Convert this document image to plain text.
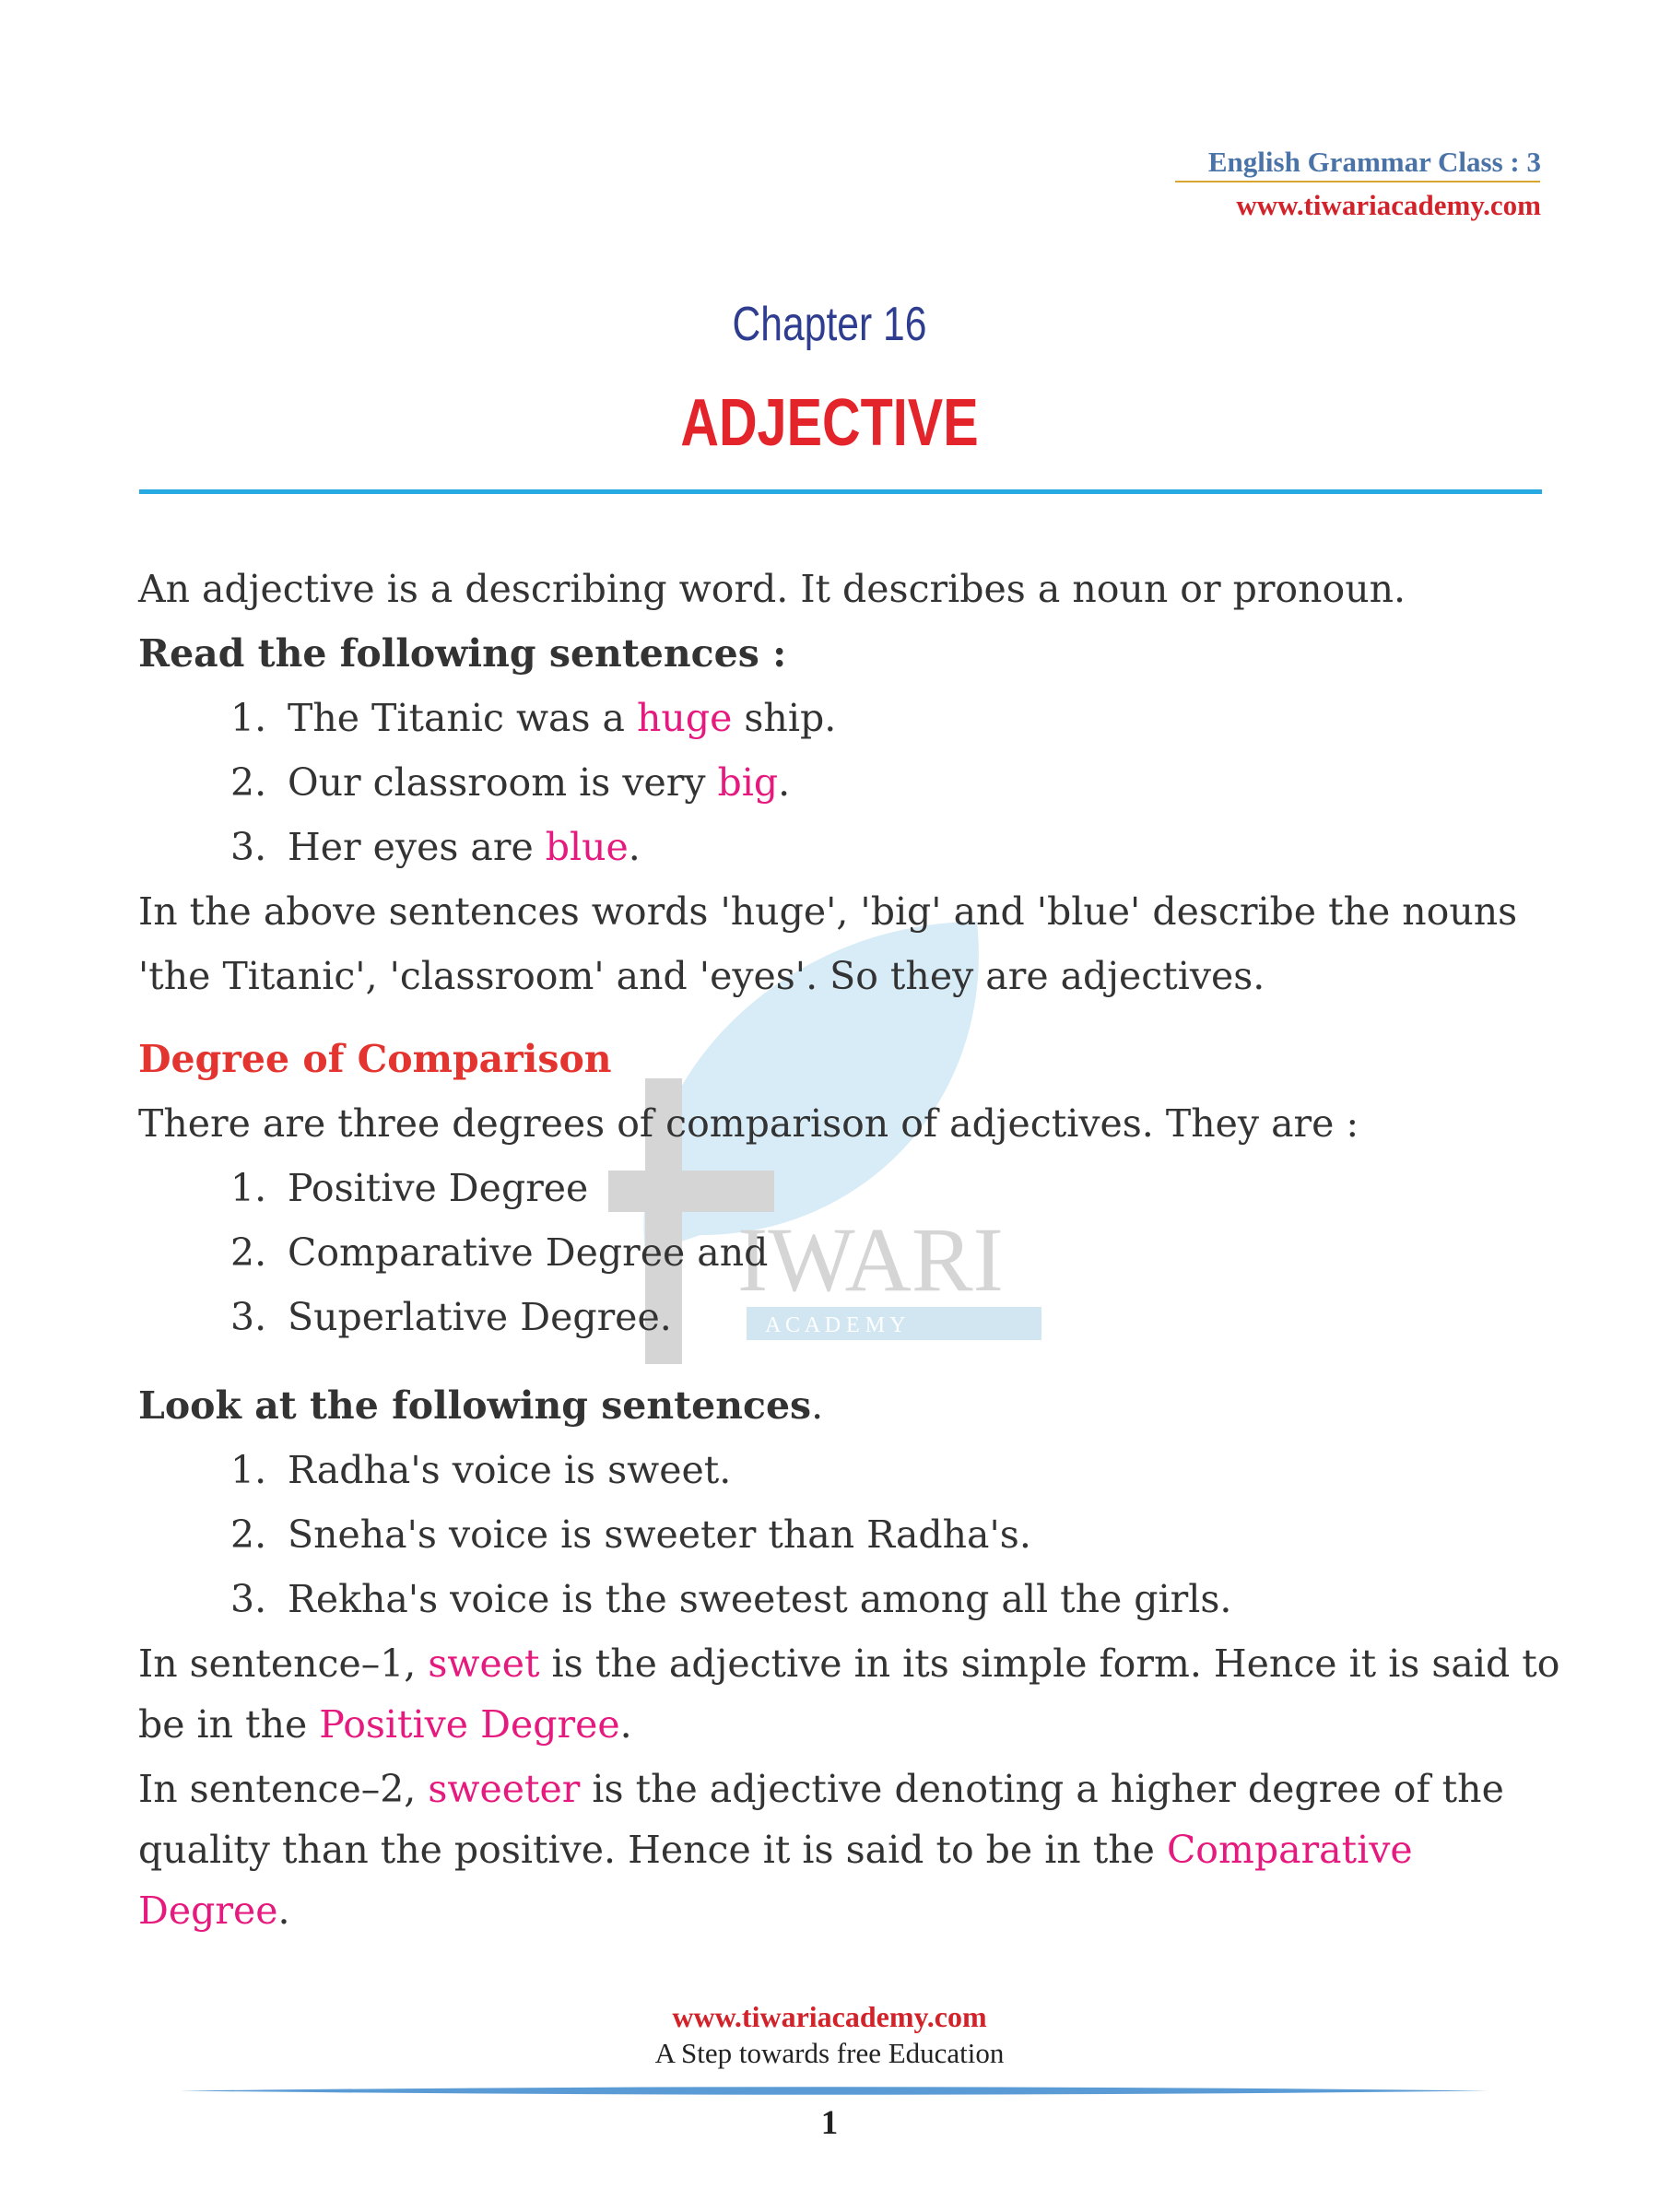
English Grammar Class : 3
www.tiwariacademy.com
Chapter 16
ADJECTIVE
IWARI
A C A D E M Y
An adjective is a describing word. It describes a noun or pronoun.
Read the following sentences :
1. The Titanic was a huge ship.
2. Our classroom is very big.
3. Her eyes are blue.
In the above sentences words 'huge', 'big' and 'blue' describe the nouns
'the Titanic', 'classroom' and 'eyes'. So they are adjectives.
Degree of Comparison
There are three degrees of comparison of adjectives. They are :
1. Positive Degree
2. Comparative Degree and
3. Superlative Degree.
Look at the following sentences.
1. Radha's voice is sweet.
2. Sneha's voice is sweeter than Radha's.
3. Rekha's voice is the sweetest among all the girls.
In sentence–1, sweet is the adjective in its simple form. Hence it is said to
be in the Positive Degree.
In sentence–2, sweeter is the adjective denoting a higher degree of the
quality than the positive. Hence it is said to be in the Comparative
Degree.
www.tiwariacademy.com
A Step towards free Education
1
